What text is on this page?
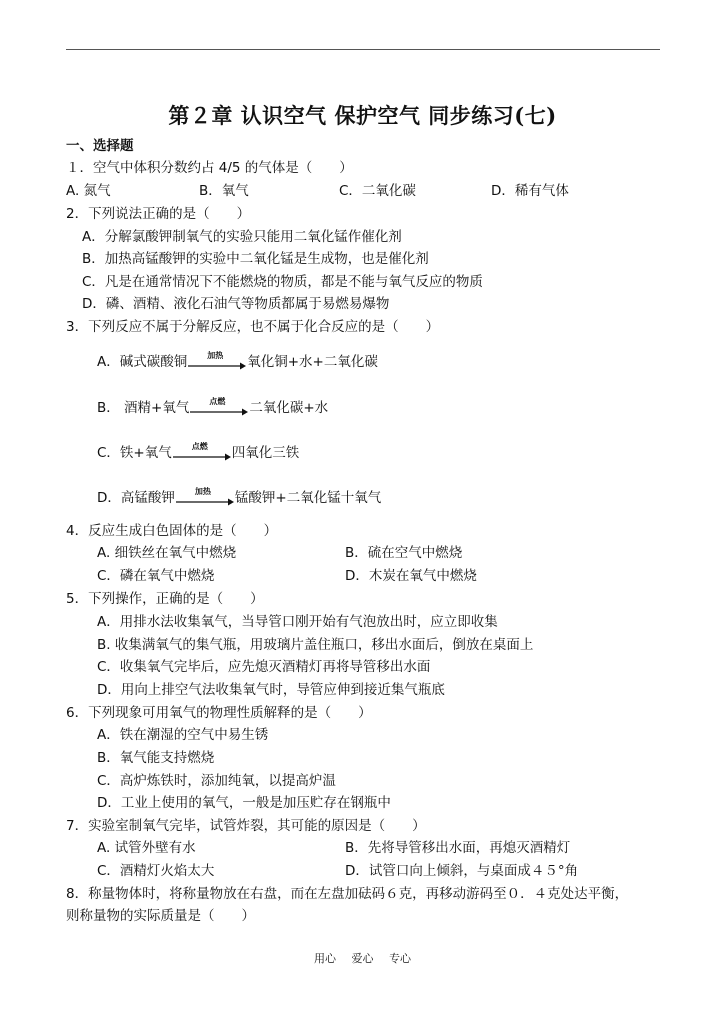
第２章 认识空气 保护空气 同步练习(七)
一、选择题
１．空气中体积分数约占 4/5 的气体是（　　）
A. 氮气	B．氧气	C．二氧化碳	D．稀有气体
2．下列说法正确的是（　　）
A．分解氯酸钾制氧气的实验只能用二氧化锰作催化剂
B．加热高锰酸钾的实验中二氧化锰是生成物，也是催化剂
C．凡是在通常情况下不能燃烧的物质，都是不能与氧气反应的物质
D．磷、酒精、液化石油气等物质都属于易燃易爆物
3．下列反应不属于分解反应，也不属于化合反应的是（　　）
A．碱式碳酸铜	加热	氧化铜+水+二氧化碳
B． 酒精+氧气	点燃	二氧化碳+水
C．铁+氧气	点燃	四氧化三铁
D．高锰酸钾	加热	锰酸钾+二氧化锰十氧气
4．反应生成白色固体的是（　　）
A. 细铁丝在氧气中燃烧	B．硫在空气中燃烧
C．磷在氧气中燃烧	D．木炭在氧气中燃烧
5．下列操作，正确的是（　　）
A．用排水法收集氧气，当导管口刚开始有气泡放出时，应立即收集
B. 收集满氧气的集气瓶，用玻璃片盖住瓶口，移出水面后，倒放在桌面上
C．收集氧气完毕后，应先熄灭酒精灯再将导管移出水面
D．用向上排空气法收集氧气时，导管应伸到接近集气瓶底
6．下列现象可用氧气的物理性质解释的是（　　）
A．铁在潮湿的空气中易生锈
B．氧气能支持燃烧
C．高炉炼铁时，添加纯氧，以提高炉温
D．工业上使用的氧气，一般是加压贮存在钢瓶中
7．实验室制氧气完毕，试管炸裂，其可能的原因是（　　）
A. 试管外壁有水	B．先将导管移出水面，再熄灭酒精灯
C．酒精灯火焰太大	D．试管口向上倾斜，与桌面成４５°角
8．称量物体时，将称量物放在右盘，而在左盘加砝码６克，再移动游码至０．４克处达平衡，
则称量物的实际质量是（　　）
用心 爱心 专心
